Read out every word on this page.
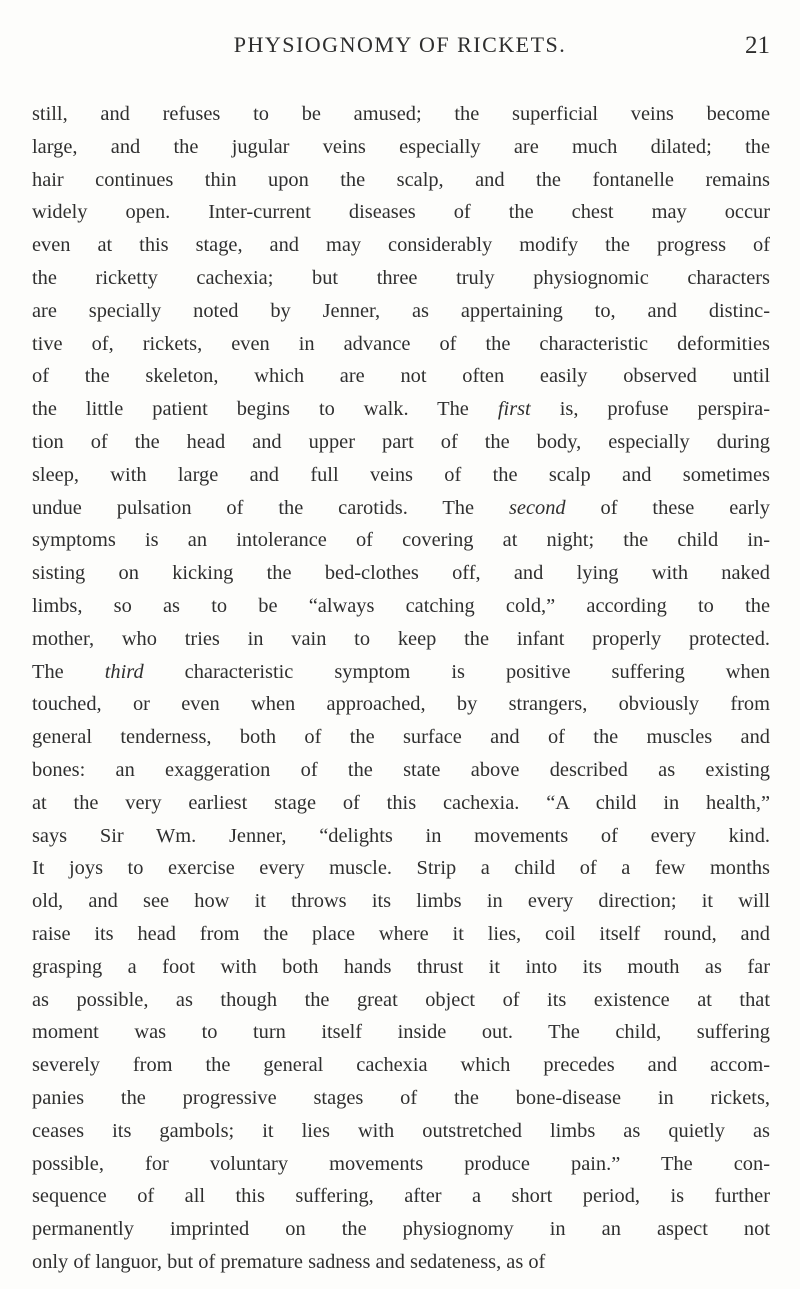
PHYSIOGNOMY OF RICKETS.	21
still, and refuses to be amused; the superficial veins become
large, and the jugular veins especially are much dilated; the
hair continues thin upon the scalp, and the fontanelle remains
widely open. Inter-current diseases of the chest may occur
even at this stage, and may considerably modify the progress of
the ricketty cachexia; but three truly physiognomic characters
are specially noted by Jenner, as appertaining to, and distinc-
tive of, rickets, even in advance of the characteristic deformities
of the skeleton, which are not often easily observed until
the little patient begins to walk. The first is, profuse perspira-
tion of the head and upper part of the body, especially during
sleep, with large and full veins of the scalp and sometimes
undue pulsation of the carotids. The second of these early
symptoms is an intolerance of covering at night; the child in-
sisting on kicking the bed-clothes off, and lying with naked
limbs, so as to be “always catching cold,” according to the
mother, who tries in vain to keep the infant properly protected.
The third characteristic symptom is positive suffering when
touched, or even when approached, by strangers, obviously from
general tenderness, both of the surface and of the muscles and
bones: an exaggeration of the state above described as existing
at the very earliest stage of this cachexia. “A child in health,”
says Sir Wm. Jenner, “delights in movements of every kind.
It joys to exercise every muscle. Strip a child of a few months
old, and see how it throws its limbs in every direction; it will
raise its head from the place where it lies, coil itself round, and
grasping a foot with both hands thrust it into its mouth as far
as possible, as though the great object of its existence at that
moment was to turn itself inside out. The child, suffering
severely from the general cachexia which precedes and accom-
panies the progressive stages of the bone-disease in rickets,
ceases its gambols; it lies with outstretched limbs as quietly as
possible, for voluntary movements produce pain.” The con-
sequence of all this suffering, after a short period, is further
permanently imprinted on the physiognomy in an aspect not
only of languor, but of premature sadness and sedateness, as of
